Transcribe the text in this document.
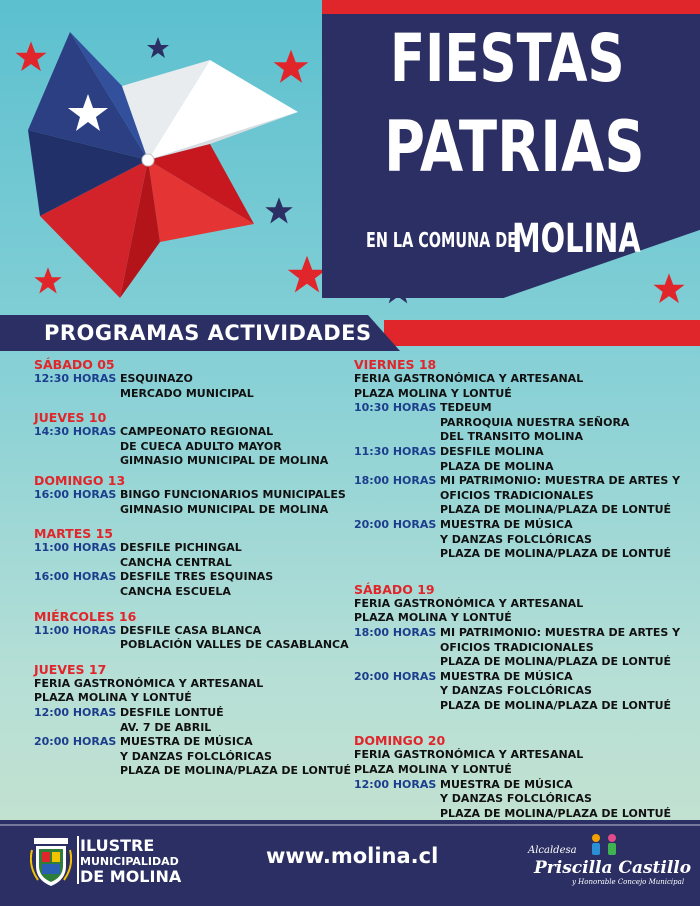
FIESTAS
PATRIAS
EN LA COMUNA DE
MOLINA
PROGRAMAS ACTIVIDADES
SÁBADO 05
12:30 HORAS ESQUINAZO
MERCADO MUNICIPAL
JUEVES 10
14:30 HORAS CAMPEONATO REGIONAL
DE CUECA ADULTO MAYOR
GIMNASIO MUNICIPAL DE MOLINA
DOMINGO 13
16:00 HORAS BINGO FUNCIONARIOS MUNICIPALES
GIMNASIO MUNICIPAL DE MOLINA
MARTES 15
11:00 HORAS DESFILE PICHINGAL
CANCHA CENTRAL
16:00 HORAS DESFILE TRES ESQUINAS
CANCHA ESCUELA
MIÉRCOLES 16
11:00 HORAS DESFILE CASA BLANCA
POBLACIÓN VALLES DE CASABLANCA
JUEVES 17
FERIA GASTRONÓMICA Y ARTESANAL
PLAZA MOLINA Y LONTUÉ
12:00 HORAS DESFILE LONTUÉ
AV. 7 DE ABRIL
20:00 HORAS MUESTRA DE MÚSICA
Y DANZAS FOLCLÓRICAS
PLAZA DE MOLINA/PLAZA DE LONTUÉ
VIERNES 18
FERIA GASTRONÓMICA Y ARTESANAL
PLAZA MOLINA Y LONTUÉ
10:30 HORAS TEDEUM
PARROQUIA NUESTRA SEÑORA
DEL TRANSITO MOLINA
11:30 HORAS DESFILE MOLINA
PLAZA DE MOLINA
18:00 HORAS MI PATRIMONIO: MUESTRA DE ARTES Y
OFICIOS TRADICIONALES
PLAZA DE MOLINA/PLAZA DE LONTUÉ
20:00 HORAS MUESTRA DE MÚSICA
Y DANZAS FOLCLÓRICAS
PLAZA DE MOLINA/PLAZA DE LONTUÉ
SÁBADO 19
FERIA GASTRONÓMICA Y ARTESANAL
PLAZA MOLINA Y LONTUÉ
18:00 HORAS MI PATRIMONIO: MUESTRA DE ARTES Y
OFICIOS TRADICIONALES
PLAZA DE MOLINA/PLAZA DE LONTUÉ
20:00 HORAS MUESTRA DE MÚSICA
Y DANZAS FOLCLÓRICAS
PLAZA DE MOLINA/PLAZA DE LONTUÉ
DOMINGO 20
FERIA GASTRONÓMICA Y ARTESANAL
PLAZA MOLINA Y LONTUÉ
12:00 HORAS MUESTRA DE MÚSICA
Y DANZAS FOLCLÓRICAS
PLAZA DE MOLINA/PLAZA DE LONTUÉ
ILUSTRE
MUNICIPALIDAD
DE MOLINA
www.molina.cl	Alcaldesa
Priscilla Castillo
y Honorable Concejo Municipal
